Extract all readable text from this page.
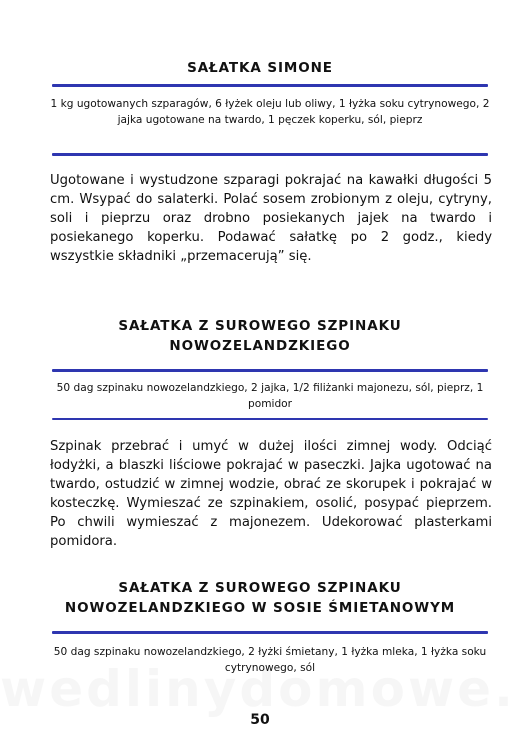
SAŁATKA SIMONE

1 kg ugotowanych szparagów, 6 łyżek oleju lub oliwy, 1 łyżka soku cytrynowego, 2 jajka ugotowane na twardo, 1 pęczek koperku, sól, pieprz

Ugotowane i wystudzone szparagi pokrajać na kawałki długości 5 cm. Wsypać do salaterki. Polać sosem zrobionym z oleju, cytryny, soli i pieprzu oraz drobno posiekanych jajek na twardo i posiekanego koperku. Podawać sałatkę po 2 godz., kiedy wszystkie składniki „przemacerują” się.

SAŁATKA Z SUROWEGO SZPINAKU NOWOZELANDZKIEGO

50 dag szpinaku nowozelandzkiego, 2 jajka, 1/2 filiżanki majonezu, sól, pieprz, 1 pomidor

Szpinak przebrać i umyć w dużej ilości zimnej wody. Odciąć łodyżki, a blaszki liściowe pokrajać w paseczki. Jajka ugotować na twardo, ostudzić w zimnej wodzie, obrać ze skorupek i pokrajać w kosteczkę. Wymieszać ze szpinakiem, osolić, posypać pieprzem. Po chwili wymieszać z majonezem. Udekorować plasterkami pomidora.

SAŁATKA Z SUROWEGO SZPINAKU NOWOZELANDZKIEGO W SOSIE ŚMIETANOWYM

50 dag szpinaku nowozelandzkiego, 2 łyżki śmietany, 1 łyżka mleka, 1 łyżka soku cytrynowego, sól

50
